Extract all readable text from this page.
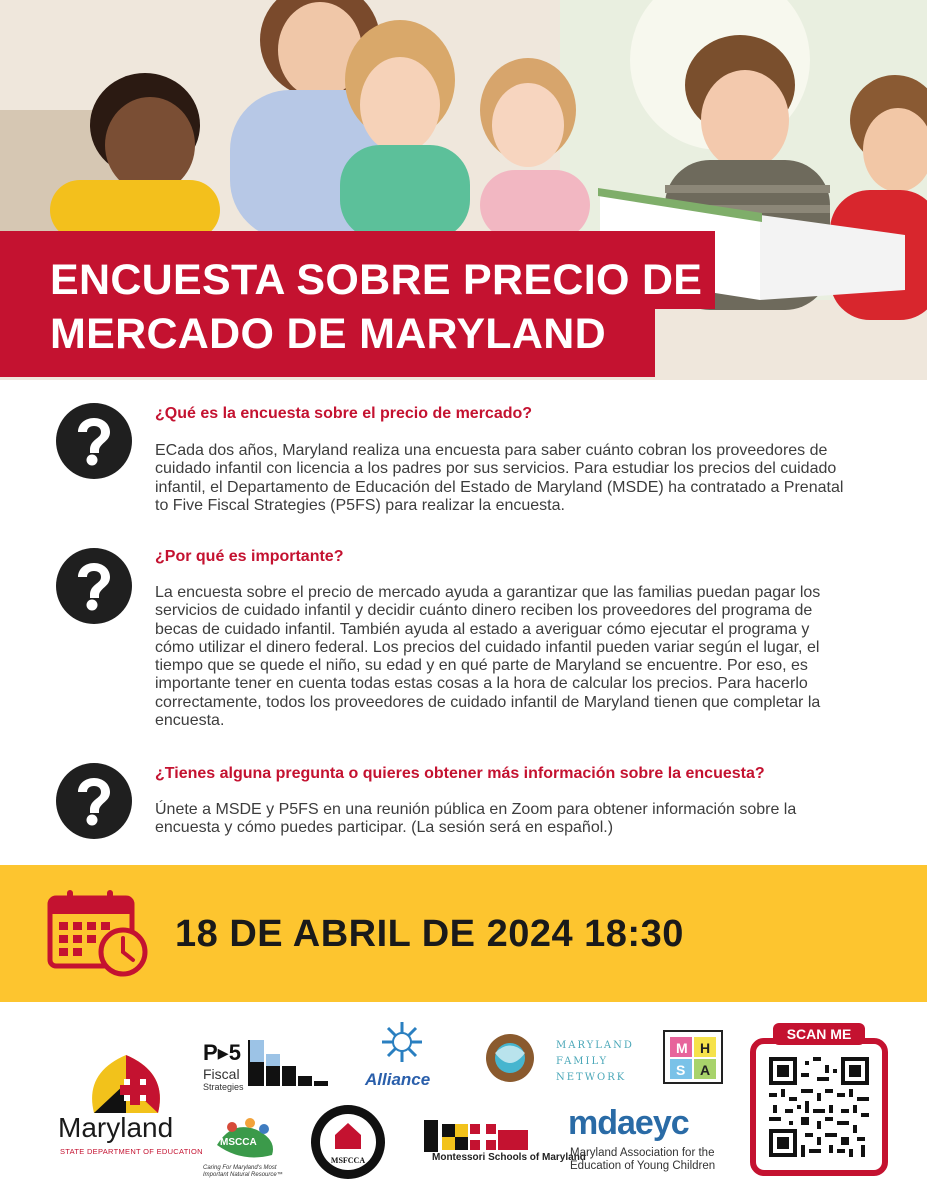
ENCUESTA SOBRE PRECIO DE
MERCADO DE MARYLAND

¿Qué es la encuesta sobre el precio de mercado?

ECada dos años, Maryland realiza una encuesta para saber cuánto cobran los proveedores de cuidado infantil con licencia a los padres por sus servicios. Para estudiar los precios del cuidado infantil, el Departamento de Educación del Estado de Maryland (MSDE) ha contratado a Prenatal to Five Fiscal Strategies (P5FS) para realizar la encuesta.

¿Por qué es importante?

La encuesta sobre el precio de mercado ayuda a garantizar que las familias puedan pagar los servicios de cuidado infantil y decidir cuánto dinero reciben los proveedores del programa de becas de cuidado infantil. También ayuda al estado a averiguar cómo ejecutar el programa y cómo utilizar el dinero federal. Los precios del cuidado infantil pueden variar según el lugar, el tiempo que se quede el niño, su edad y en qué parte de Maryland se encuentre. Por eso, es importante tener en cuenta todas estas cosas a la hora de calcular los precios. Para hacerlo correctamente, todos los proveedores de cuidado infantil de Maryland tienen que completar la encuesta.

¿Tienes alguna pregunta o quieres obtener más información sobre la encuesta?

Únete a MSDE y P5FS en una reunión pública en Zoom para obtener información sobre la encuesta y cómo puedes participar. (La sesión será en español.)

18 DE ABRIL DE 2024 18:30

Maryland
STATE DEPARTMENT OF EDUCATION
P▸5
Fiscal
Strategies	Alliance
MARYLAND
FAMILY
NETWORK
M H
S A
MSCCA
Caring For Maryland's Most Important Natural Resource™
MSFCCA	Montessori Schools of Maryland
mdaeyc
Maryland Association for the
Education of Young Children
SCAN ME
